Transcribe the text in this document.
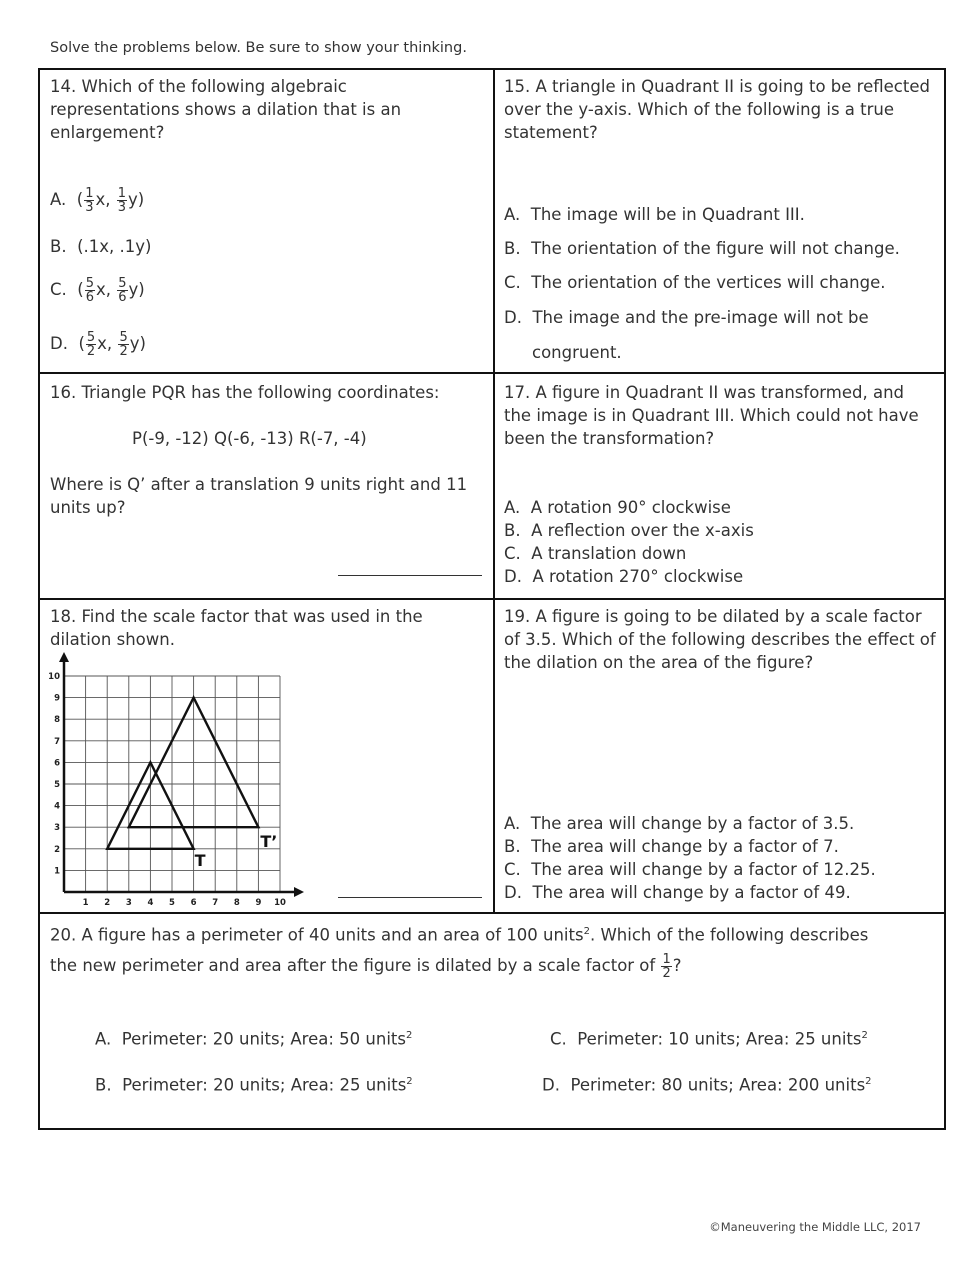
Solve the problems below. Be sure to show your thinking.

14. Which of the following algebraic representations shows a dilation that is an enlargement?

A.  ( $\frac{1}{3} x$, $\frac{1}{3} y$)
B. (.1x, .1y)
C.  ( $\frac{5}{6} x$, $\frac{5}{6} y$)
D.  ( $\frac{5}{2} x$, $\frac{5}{2} y$)

15. A triangle in Quadrant II is going to be reflected over the y-axis. Which of the following is a true statement?

A. The image will be in Quadrant III.
B. The orientation of the figure will not change.
C. The orientation of the vertices will change.
D. The image and the pre-image will not be
congruent.

16. Triangle PQR has the following coordinates:

P(-9, -12) Q(-6, -13) R(-7, -4)
Where is Q’ after a translation 9 units right and 11 units up?

17. A figure in Quadrant II was transformed, and the image is in Quadrant III. Which could not have been the transformation?

A. A rotation 90° clockwise
B. A reflection over the x-axis
C. A translation down
D. A rotation 270° clockwise

18. Find the scale factor that was used in the dilation shown.

19. A figure is going to be dilated by a scale factor of 3.5. Which of the following describes the effect of the dilation on the area of the figure?

A. The area will change by a factor of 3.5.
B. The area will change by a factor of 7.
C. The area will change by a factor of 12.25.
D. The area will change by a factor of 49.
20. A figure has a perimeter of 40 units and an area of 100 units$^2$. Which of the following describes
the new perimeter and area after the figure is dilated by a scale factor of $\frac{1}{2}$ ?
A. Perimeter: 20 units; Area: 50 units$^2$	C. Perimeter: 10 units; Area: 25 units$^2$
B. Perimeter: 20 units; Area: 25 units$^2$	D. Perimeter: 80 units; Area: 200 units$^2$
1 2 3 4 5 6 7 8 9 10
1
2
3
4
5
6
7
8
9
10
T
T’
©Maneuvering the Middle LLC, 2017
